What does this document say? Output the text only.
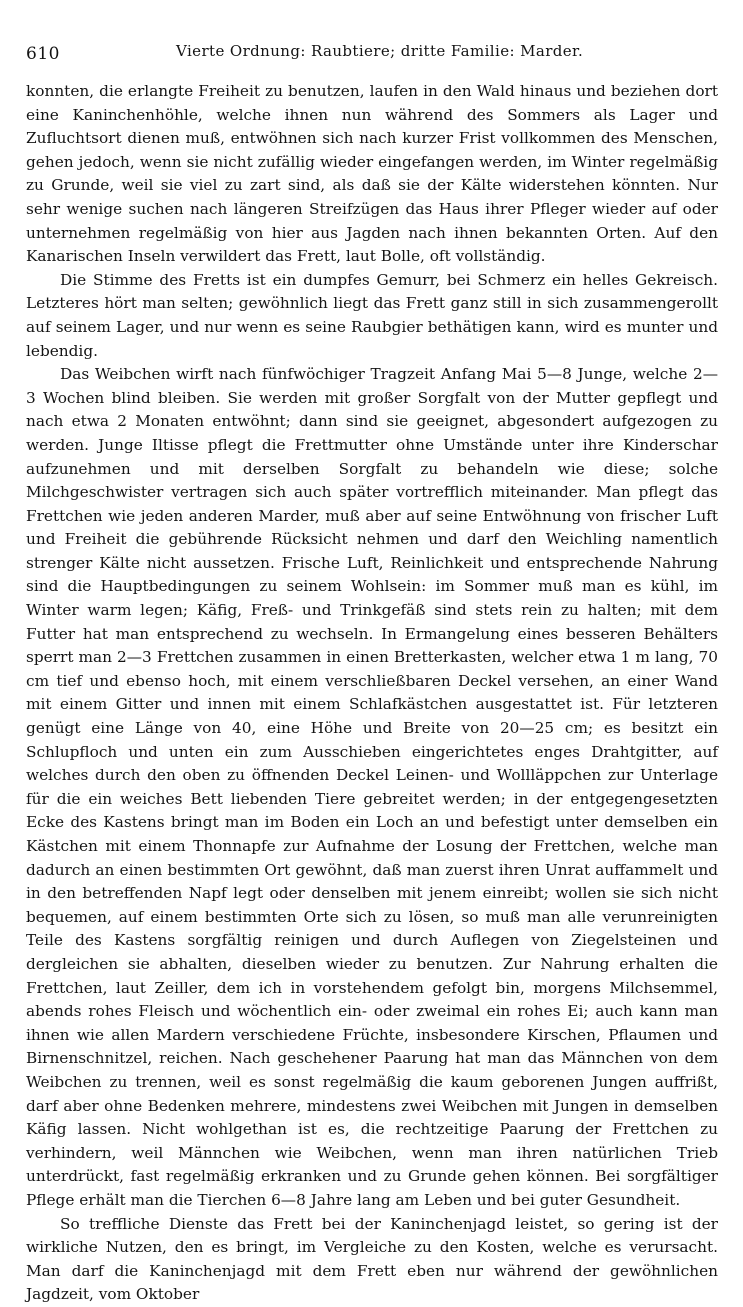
610	Vierte Ordnung: Raubtiere; dritte Familie: Marder.

konnten, die erlangte Freiheit zu benutzen, laufen in den Wald hinaus und beziehen dort eine Kaninchenhöhle, welche ihnen nun während des Sommers als Lager und Zufluchtsort dienen muß, entwöhnen sich nach kurzer Frist vollkommen des Menschen, gehen jedoch, wenn sie nicht zufällig wieder eingefangen werden, im Winter regelmäßig zu Grunde, weil sie viel zu zart sind, als daß sie der Kälte widerstehen könnten. Nur sehr wenige suchen nach längeren Streifzügen das Haus ihrer Pfleger wieder auf oder unternehmen regelmäßig von hier aus Jagden nach ihnen bekannten Orten. Auf den Kanarischen Inseln verwildert das Frett, laut Bolle, oft vollständig.

Die Stimme des Fretts ist ein dumpfes Gemurr, bei Schmerz ein helles Gekreisch. Letzteres hört man selten; gewöhnlich liegt das Frett ganz still in sich zusammengerollt auf seinem Lager, und nur wenn es seine Raubgier bethätigen kann, wird es munter und lebendig.

Das Weibchen wirft nach fünfwöchiger Tragzeit Anfang Mai 5—8 Junge, welche 2—3 Wochen blind bleiben. Sie werden mit großer Sorgfalt von der Mutter gepflegt und nach etwa 2 Monaten entwöhnt; dann sind sie geeignet, abgesondert aufgezogen zu werden. Junge Iltisse pflegt die Frettmutter ohne Umstände unter ihre Kinderschar aufzunehmen und mit derselben Sorgfalt zu behandeln wie diese; solche Milchgeschwister vertragen sich auch später vortrefflich miteinander. Man pflegt das Frettchen wie jeden anderen Marder, muß aber auf seine Entwöhnung von frischer Luft und Freiheit die gebührende Rücksicht nehmen und darf den Weichling namentlich strenger Kälte nicht aussetzen. Frische Luft, Reinlichkeit und entsprechende Nahrung sind die Hauptbedingungen zu seinem Wohlsein: im Sommer muß man es kühl, im Winter warm legen; Käfig, Freß- und Trinkgefäß sind stets rein zu halten; mit dem Futter hat man entsprechend zu wechseln. In Ermangelung eines besseren Behälters sperrt man 2—3 Frettchen zusammen in einen Bretterkasten, welcher etwa 1 m lang, 70 cm tief und ebenso hoch, mit einem verschließbaren Deckel versehen, an einer Wand mit einem Gitter und innen mit einem Schlafkästchen ausgestattet ist. Für letzteren genügt eine Länge von 40, eine Höhe und Breite von 20—25 cm; es besitzt ein Schlupfloch und unten ein zum Ausschieben eingerichtetes enges Drahtgitter, auf welches durch den oben zu öffnenden Deckel Leinen- und Wollläppchen zur Unterlage für die ein weiches Bett liebenden Tiere gebreitet werden; in der entgegengesetzten Ecke des Kastens bringt man im Boden ein Loch an und befestigt unter demselben ein Kästchen mit einem Thonnapfe zur Aufnahme der Losung der Frettchen, welche man dadurch an einen bestimmten Ort gewöhnt, daß man zuerst ihren Unrat auffammelt und in den betreffenden Napf legt oder denselben mit jenem einreibt; wollen sie sich nicht bequemen, auf einem bestimmten Orte sich zu lösen, so muß man alle verunreinigten Teile des Kastens sorgfältig reinigen und durch Auflegen von Ziegelsteinen und dergleichen sie abhalten, dieselben wieder zu benutzen. Zur Nahrung erhalten die Frettchen, laut Zeiller, dem ich in vorstehendem gefolgt bin, morgens Milchsemmel, abends rohes Fleisch und wöchentlich ein- oder zweimal ein rohes Ei; auch kann man ihnen wie allen Mardern verschiedene Früchte, insbesondere Kirschen, Pflaumen und Birnenschnitzel, reichen. Nach geschehener Paarung hat man das Männchen von dem Weibchen zu trennen, weil es sonst regelmäßig die kaum geborenen Jungen auffrißt, darf aber ohne Bedenken mehrere, mindestens zwei Weibchen mit Jungen in demselben Käfig lassen. Nicht wohlgethan ist es, die rechtzeitige Paarung der Frettchen zu verhindern, weil Männchen wie Weibchen, wenn man ihren natürlichen Trieb unterdrückt, fast regelmäßig erkranken und zu Grunde gehen können. Bei sorgfältiger Pflege erhält man die Tierchen 6—8 Jahre lang am Leben und bei guter Gesundheit.

So treffliche Dienste das Frett bei der Kaninchenjagd leistet, so gering ist der wirkliche Nutzen, den es bringt, im Vergleiche zu den Kosten, welche es verursacht. Man darf die Kaninchenjagd mit dem Frett eben nur während der gewöhnlichen Jagdzeit, vom Oktober
